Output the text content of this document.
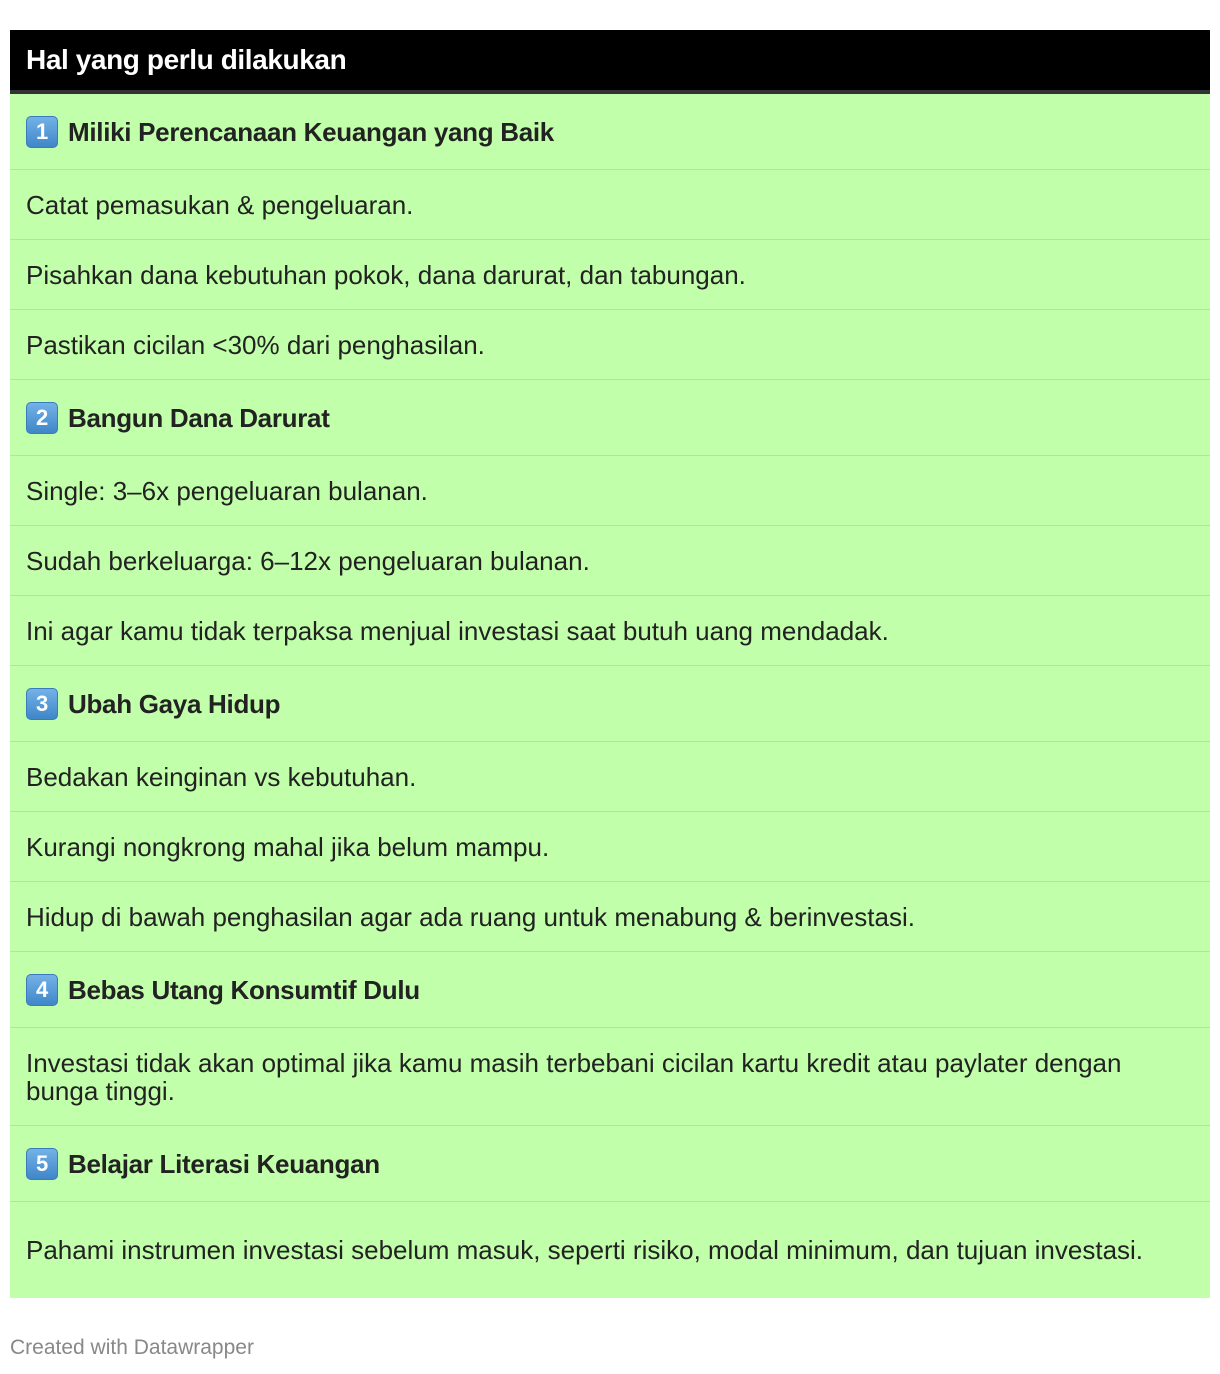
Hal yang perlu dilakukan
1 Miliki Perencanaan Keuangan yang Baik
Catat pemasukan & pengeluaran.
Pisahkan dana kebutuhan pokok, dana darurat, dan tabungan.
Pastikan cicilan <30% dari penghasilan.
2 Bangun Dana Darurat
Single: 3–6x pengeluaran bulanan.
Sudah berkeluarga: 6–12x pengeluaran bulanan.
Ini agar kamu tidak terpaksa menjual investasi saat butuh uang mendadak.
3 Ubah Gaya Hidup
Bedakan keinginan vs kebutuhan.
Kurangi nongkrong mahal jika belum mampu.
Hidup di bawah penghasilan agar ada ruang untuk menabung & berinvestasi.
4 Bebas Utang Konsumtif Dulu
Investasi tidak akan optimal jika kamu masih terbebani cicilan kartu kredit atau paylater dengan bunga tinggi.
5 Belajar Literasi Keuangan
Pahami instrumen investasi sebelum masuk, seperti risiko, modal minimum, dan tujuan investasi.
Created with Datawrapper
